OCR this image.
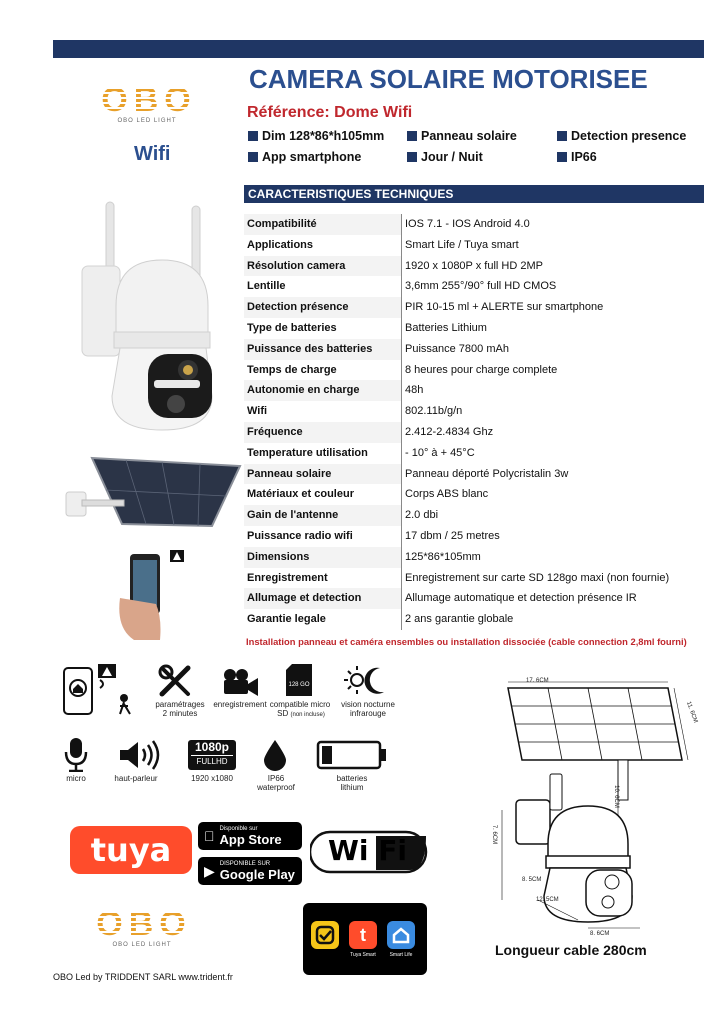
O B O
OBO LED LIGHT
Wifi
CAMERA SOLAIRE MOTORISEE
Référence: Dome Wifi
Dim 128*86*h105mm	Panneau solaire	Detection presence
App smartphone	Jour / Nuit	IP66
CARACTERISTIQUES TECHNIQUES
Compatibilité	IOS 7.1 - IOS Android 4.0
Applications	Smart Life / Tuya smart
Résolution camera	1920 x 1080P x full HD 2MP
Lentille	3,6mm 255°/90° full HD CMOS
Detection présence	PIR 10-15 ml + ALERTE sur smartphone
Type de batteries	Batteries Lithium
Puissance des batteries	Puissance 7800 mAh
Temps de charge	8 heures pour charge complete
Autonomie en charge	48h
Wifi	802.11b/g/n
Fréquence	2.412-2.4834 Ghz
Temperature utilisation	- 10° à + 45°C
Panneau solaire	Panneau déporté Polycristalin 3w
Matériaux et couleur	Corps ABS blanc
Gain de l'antenne	2.0 dbi
Puissance radio wifi	17 dbm / 25 metres
Dimensions	125*86*105mm
Enregistrement	Enregistrement sur carte SD 128go maxi (non fournie)
Allumage et detection	Allumage automatique et detection présence IR
Garantie legale	2 ans garantie globale
Installation panneau et caméra ensembles ou installation dissociée (cable connection 2,8ml fourni)
paramétrages
2 minutes
enregistrement
128 GO
compatible micro
SD (non incluse)
vision nocturne
infrarouge
micro	haut-parleur
1080p
FULLHD
1920 x1080	IP66
waterproof
batteries
lithium
tuya
Disponible sur
App Store
▶ DISPONIBLE SUR
Google Play
Wi Fi
t
Tuya Smart	Smart Life
O B O
OBO LED LIGHT
17. 6CM
11. 6CM
10. 6CM
7. 6CM
8. 5CM
12. 5CM
8. 6CM
Longueur cable 280cm
OBO Led by TRIDDENT SARL www.trident.fr
